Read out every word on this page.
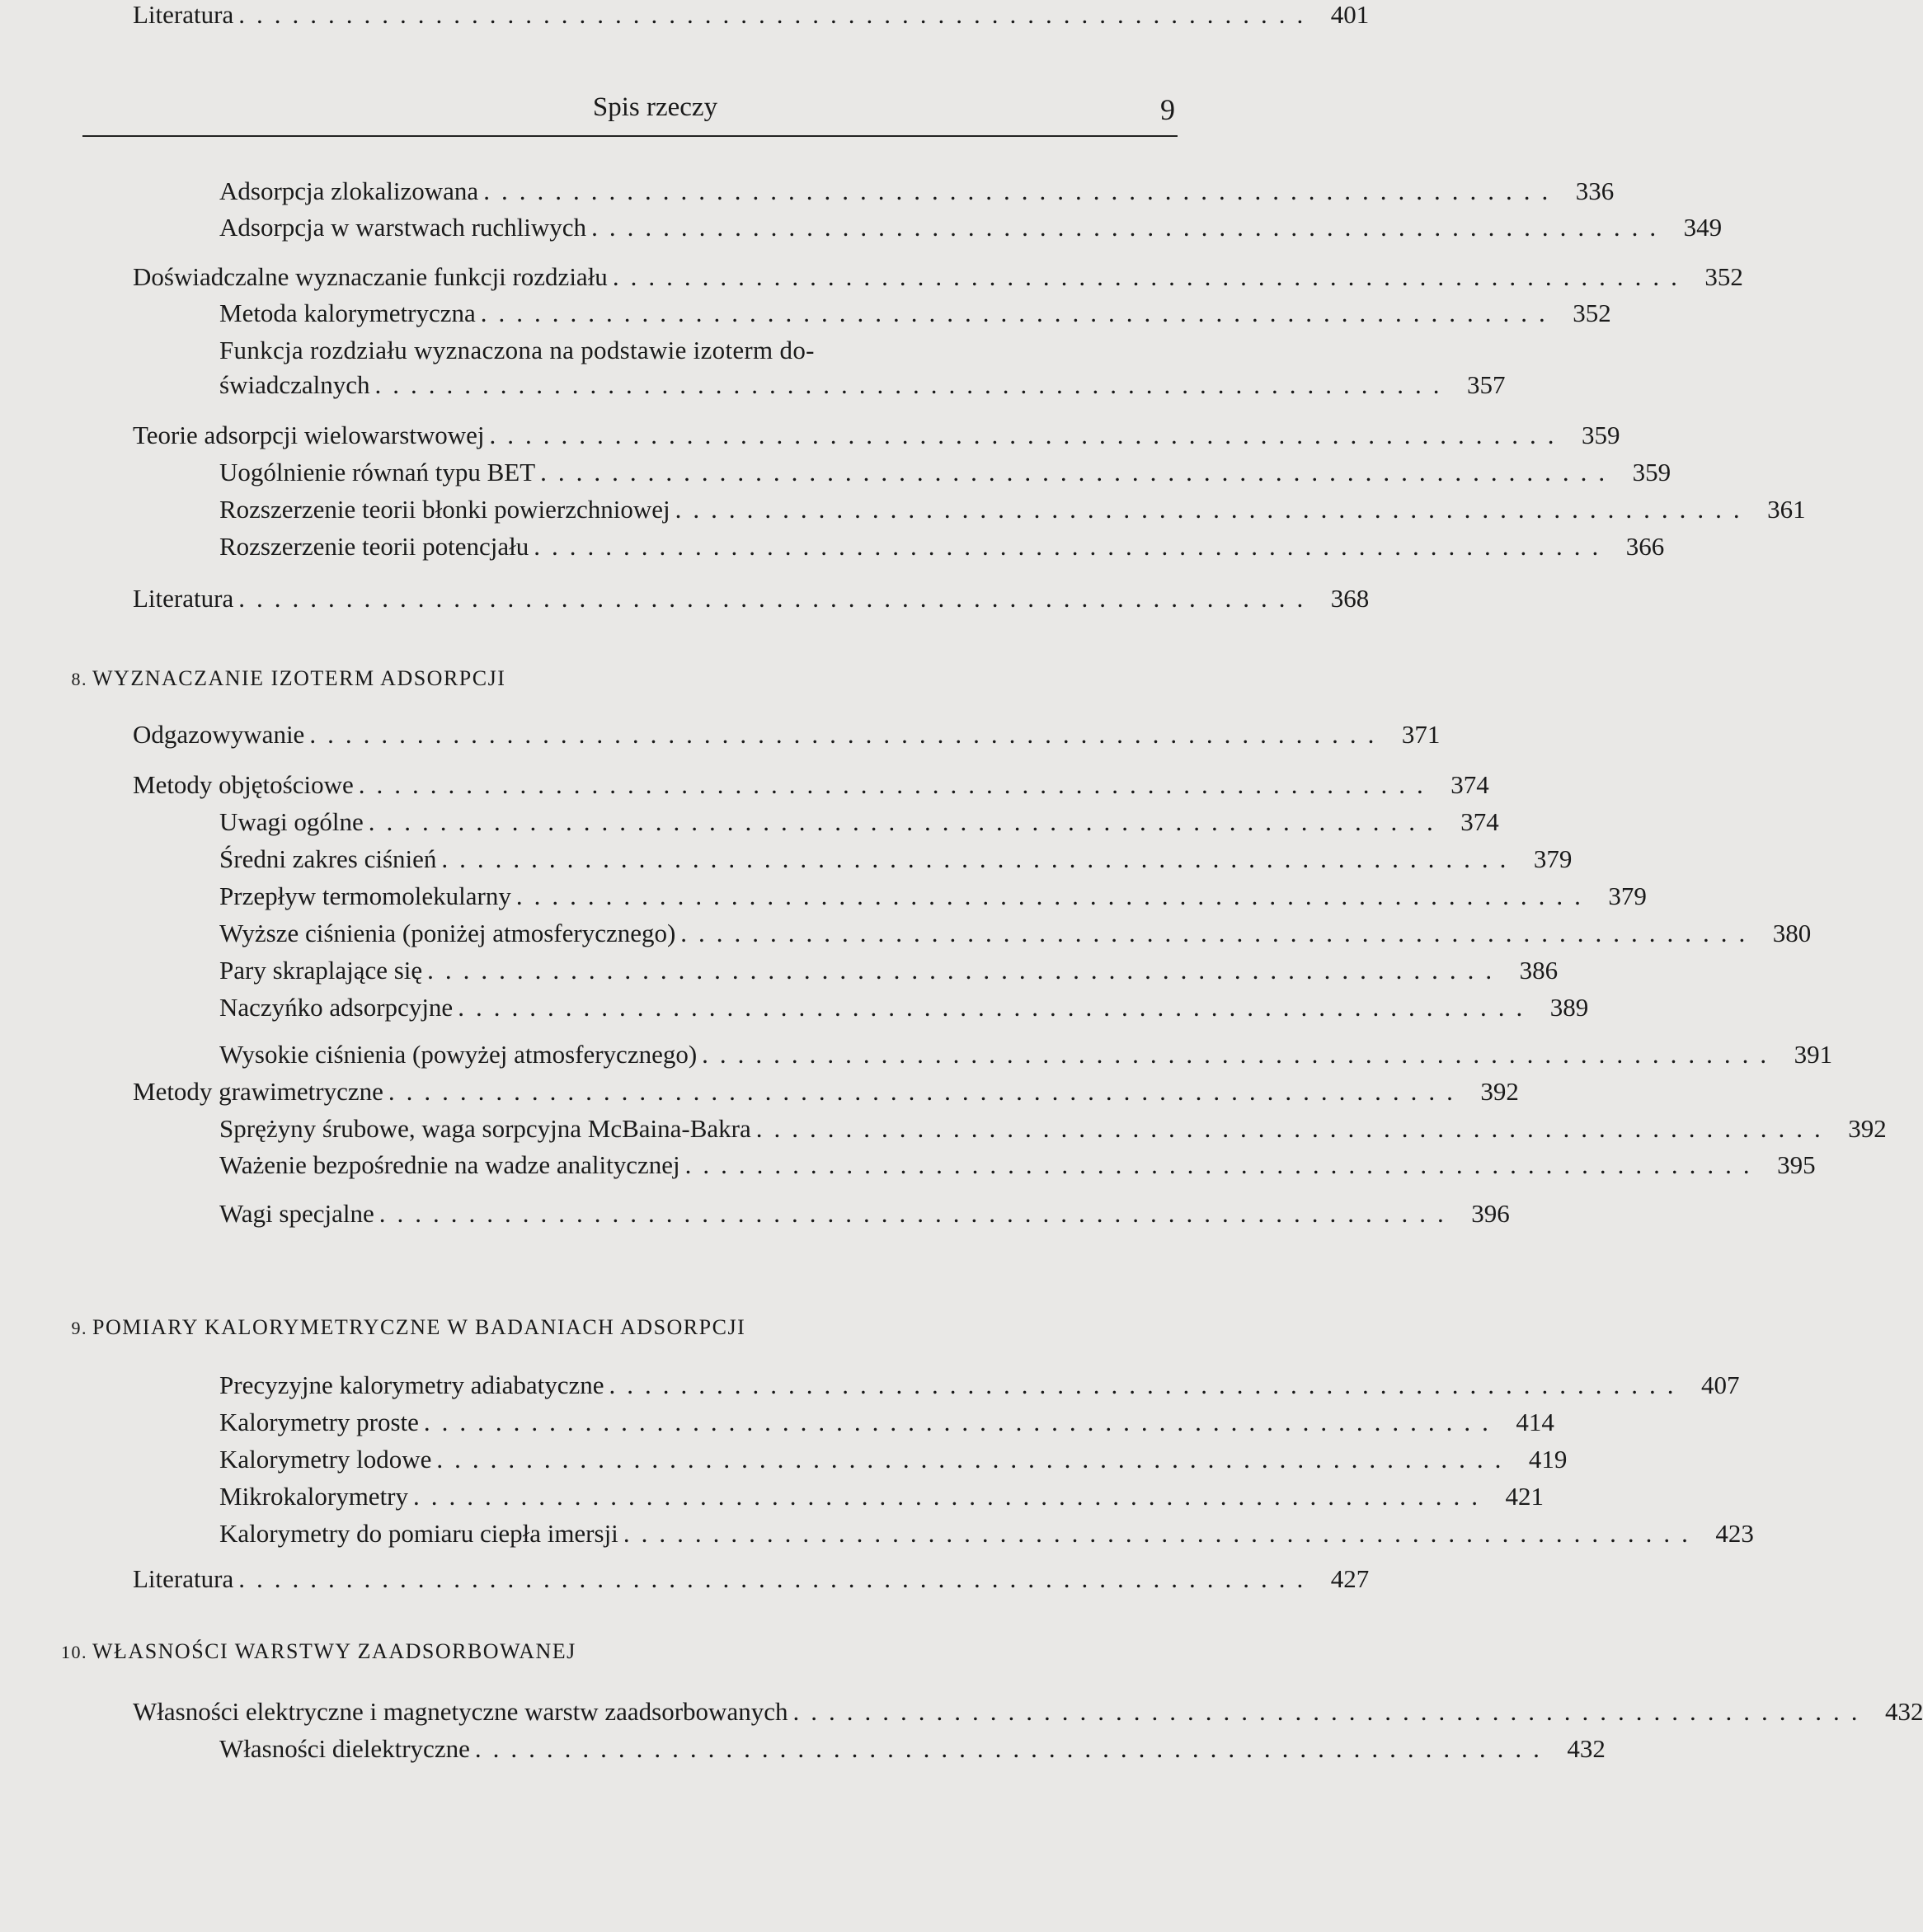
Spis rzeczy	9
Adsorpcja zlokalizowana ............................................................ 336
Adsorpcja w warstwach ruchliwych ............................................................ 349
Doświadczalne wyznaczanie funkcji rozdziału ............................................................ 352
Metoda kalorymetryczna ............................................................ 352
Funkcja rozdziału wyznaczona na podstawie izoterm do-
świadczalnych ............................................................ 357
Teorie adsorpcji wielowarstwowej ............................................................ 359
Uogólnienie równań typu BET ............................................................ 359
Rozszerzenie teorii błonki powierzchniowej ............................................................ 361
Rozszerzenie teorii potencjału ............................................................ 366
Literatura ............................................................ 368
8. WYZNACZANIE IZOTERM ADSORPCJI
Odgazowywanie ............................................................ 371
Metody objętościowe ............................................................ 374
Uwagi ogólne ............................................................ 374
Średni zakres ciśnień ............................................................ 379
Przepływ termomolekularny ............................................................ 379
Wyższe ciśnienia (poniżej atmosferycznego) ............................................................ 380
Pary skraplające się ............................................................ 386
Naczyńko adsorpcyjne ............................................................ 389
Wysokie ciśnienia (powyżej atmosferycznego) ............................................................ 391
Metody grawimetryczne ............................................................ 392
Sprężyny śrubowe, waga sorpcyjna McBaina-Bakra ............................................................ 392
Ważenie bezpośrednie na wadze analitycznej ............................................................ 395
Wagi specjalne ............................................................ 396
Literatura ............................................................ 401
9. POMIARY KALORYMETRYCZNE W BADANIACH ADSORPCJI
Precyzyjne kalorymetry adiabatyczne ............................................................ 407
Kalorymetry proste ............................................................ 414
Kalorymetry lodowe ............................................................ 419
Mikrokalorymetry ............................................................ 421
Kalorymetry do pomiaru ciepła imersji ............................................................ 423
Literatura ............................................................ 427
10. WŁASNOŚCI WARSTWY ZAADSORBOWANEJ
Własności elektryczne i magnetyczne warstw zaadsorbowanych ............................................................ 432
Własności dielektryczne ............................................................ 432
